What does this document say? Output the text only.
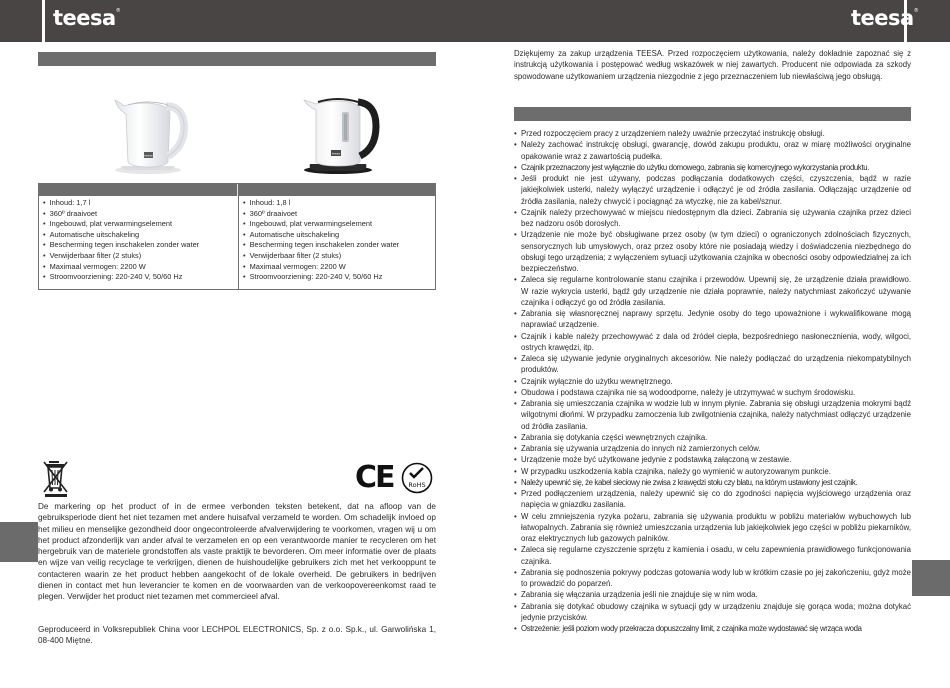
teesa®	teesa®
teesa	teesa
• Inhoud: 1,7 l
• 360º draaivoet
• Ingebouwd, plat verwarmingselement
• Automatische uitschakeling
• Bescherming tegen inschakelen zonder water
• Verwijderbaar filter (2 stuks)
• Maximaal vermogen: 2200 W
• Stroomvoorziening: 220-240 V, 50/60 Hz
• Inhoud: 1,8 l
• 360º draaivoet
• Ingebouwd, plat verwarmingselement
• Automatische uitschakeling
• Bescherming tegen inschakelen zonder water
• Verwijderbaar filter (2 stuks)
• Maximaal vermogen: 2200 W
• Stroomvoorziening: 220-240 V, 50/60 Hz
CE RoHS

De markering op het product of in de ermee verbonden teksten betekent, dat na afloop van de gebruiksperiode dient het niet tezamen met andere huisafval verzameld te worden. Om schadelijk invloed op het milieu en menselijke gezondheid door ongecontroleerde afvalverwijdering te voorkomen, vragen wij u om het product afzonderlijk van ander afval te verzamelen en op een verantwoorde manier te recycleren om het hergebruik van de materiele grondstoffen als vaste praktijk te bevorderen. Om meer informatie over de plaats en wijze van veilig recyclage te verkrijgen, dienen de huishoudelijke gebruikers zich met het verkooppunt te contacteren waarin ze het product hebben aangekocht of de lokale overheid. De gebruikers in bedrijven dienen in contact met hun leverancier te komen en de voorwaarden van de verkoopovereenkomst raad te plegen. Verwijder het product niet tezamen met commercieel afval.

Geproduceerd in Volksrepubliek China voor LECHPOL ELECTRONICS, Sp. z o.o. Sp.k., ul. Garwolińska 1, 08-400 Miętne.

Dziękujemy za zakup urządzenia TEESA. Przed rozpoczęciem użytkowania, należy dokładnie zapoznać się z instrukcją użytkowania i postępować według wskazówek w niej zawartych. Producent nie odpowiada za szkody spowodowane użytkowaniem urządzenia niezgodnie z jego przeznaczeniem lub niewłaściwą jego obsługą.

• Przed rozpoczęciem pracy z urządzeniem należy uważnie przeczytać instrukcję obsługi.
• Należy zachować instrukcję obsługi, gwarancję, dowód zakupu produktu, oraz w miarę możliwości oryginalne opakowanie wraz z zawartością pudełka.
• Czajnik przeznaczony jest wyłącznie do użytku domowego, zabrania się komercyjnego wykorzystania produktu.
• Jeśli produkt nie jest używany, podczas podłączania dodatkowych części, czyszczenia, bądź w razie jakiejkolwiek usterki, należy wyłączyć urządzenie i odłączyć je od źródła zasilania. Odłączając urządzenie od źródła zasilania, należy chwycić i pociągnąć za wtyczkę, nie za kabel/sznur.
• Czajnik należy przechowywać w miejscu niedostępnym dla dzieci. Zabrania się używania czajnika przez dzieci bez nadzoru osób dorosłych.
• Urządzenie nie może być obsługiwane przez osoby (w tym dzieci) o ograniczonych zdolnościach fizycznych, sensorycznych lub umysłowych, oraz przez osoby które nie posiadają wiedzy i doświadczenia niezbędnego do obsługi tego urządzenia; z wyłączeniem sytuacji użytkowania czajnika w obecności osoby odpowiedzialnej za ich bezpieczeństwo.
• Zaleca się regularne kontrolowanie stanu czajnika i przewodów. Upewnij się, że urządzenie działa prawidłowo. W razie wykrycia usterki, bądź gdy urządzenie nie działa poprawnie, należy natychmiast zakończyć używanie czajnika i odłączyć go od źródła zasilania.
• Zabrania się własnoręcznej naprawy sprzętu. Jedynie osoby do tego upoważnione i wykwalifikowane mogą naprawiać urządzenie.
• Czajnik i kable należy przechowywać z dala od źródeł ciepła, bezpośredniego nasłonecznienia, wody, wilgoci, ostrych krawędzi, itp.
• Zaleca się używanie jedynie oryginalnych akcesoriów. Nie należy podłączać do urządzenia niekompatybilnych produktów.
• Czajnik wyłącznie do użytku wewnętrznego.
• Obudowa i podstawa czajnika nie są wodoodporne, należy je utrzymywać w suchym środowisku.
• Zabrania się umieszczania czajnika w wodzie lub w innym płynie. Zabrania się obsługi urządzenia mokrymi bądź wilgotnymi dłońmi. W przypadku zamoczenia lub zwilgotnienia czajnika, należy natychmiast odłączyć urządzenie od źródła zasilania.
• Zabrania się dotykania części wewnętrznych czajnika.
• Zabrania się używania urządzenia do innych niż zamierzonych celów.
• Urządzenie może być użytkowane jedynie z podstawką załączoną w zestawie.
• W przypadku uszkodzenia kabla czajnika, należy go wymienić w autoryzowanym punkcie.
• Należy upewnić się, że kabel sieciowy nie zwisa z krawędzi stołu czy blatu, na którym ustawiony jest czajnik.
• Przed podłączeniem urządzenia, należy upewnić się co do zgodności napięcia wyjściowego urządzenia oraz napięcia w gniazdku zasilania.
• W celu zmniejszenia ryzyka pożaru, zabrania się używania produktu w pobliżu materiałów wybuchowych lub łatwopalnych. Zabrania się również umieszczania urządzenia lub jakiejkolwiek jego części w pobliżu piekarników, oraz elektrycznych lub gazowych palników.
• Zaleca się regularne czyszczenie sprzętu z kamienia i osadu, w celu zapewnienia prawidłowego funkcjonowania czajnika.
• Zabrania się podnoszenia pokrywy podczas gotowania wody lub w krótkim czasie po jej zakończeniu, gdyż może to prowadzić do poparzeń.
• Zabrania się włączania urządzenia jeśli nie znajduje się w nim woda.
• Zabrania się dotykać obudowy czajnika w sytuacji gdy w urządzeniu znajduje się gorąca woda; można dotykać jedynie przycisków.
• Ostrzeżenie: jeśli poziom wody przekracza dopuszczalny limit, z czajnika może wydostawać się wrząca woda
